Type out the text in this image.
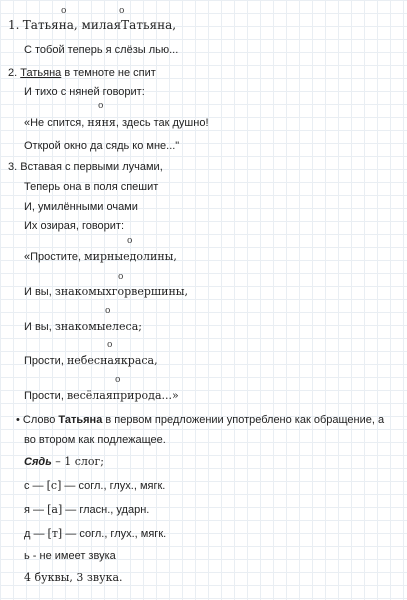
o	o
o
o
o
o
o
o
1. Татьяна, милаяТатьяна,
С тобой теперь я слёзы лью...
2. Татьяна в темноте не спит
И тихо с няней говорит:
«Не спится, няня, здесь так душно!
Открой окно да сядь ко мне..."
3. Вставая с первыми лучами,
Теперь она в поля спешит
И, умилёнными очами
Их озирая, говорит:
«Простите, мирныедолины,
И вы, знакомыхгорвершины,
И вы, знакомыелеса;
Прости, небеснаякраса,
Прости, весёлаяприрода...»
• Слово Татьяна в первом предложении употреблено как обращение, а
во втором как подлежащее.
Сядь – 1 слог;
с — [с] — согл., глух., мягк.
я — [а] — гласн., ударн.
д — [т] — согл., глух., мягк.
ь - не имеет звука
4 буквы, 3 звука.
